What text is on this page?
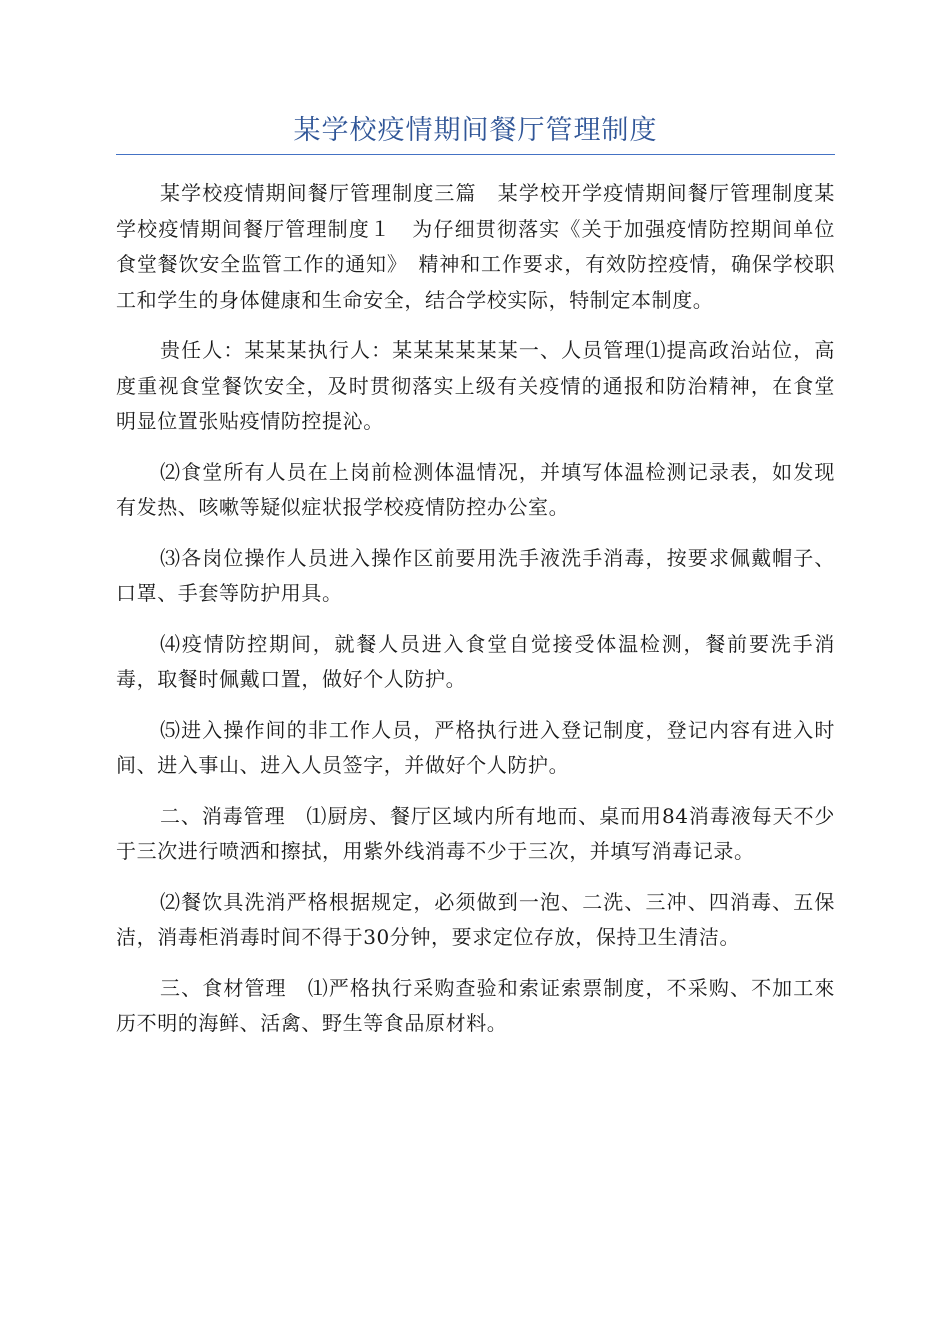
某学校疫情期间餐厅管理制度

某学校疫情期间餐厅管理制度三篇　某学校开学疫情期间餐厅管理制度某学校疫情期间餐厅管理制度１　为仔细贯彻落实《关于加强疫情防控期间单位食堂餐饮安全监管工作的通知》　精神和工作要求，有效防控疫情，确保学校职工和学生的身体健康和生命安全，结合学校实际，特制定本制度。

贵任人：某某某执行人：某某某某某某一、人员管理⑴提高政治站位，高度重视食堂餐饮安全，及时贯彻落实上级有关疫情的通报和防治精神，在食堂明显位置张贴疫情防控提沁。

⑵食堂所有人员在上岗前检测体温情况，并填写体温检测记录表，如发现有发热、咳嗽等疑似症状报学校疫情防控办公室。

⑶各岗位操作人员进入操作区前要用洗手液洗手消毒，按要求佩戴帽子、口罩、手套等防护用具。

⑷疫情防控期间，就餐人员进入食堂自觉接受体温检测，餐前要洗手消毒，取餐时佩戴口置，做好个人防护。

⑸进入操作间的非工作人员，严格执行进入登记制度，登记内容有进入时间、进入事山、进入人员签字，并做好个人防护。

二、消毒管理　⑴厨房、餐厅区域内所有地而、桌而用84消毒液每天不少于三次进行喷洒和擦拭，用紫外线消毒不少于三次，并填写消毒记录。

⑵餐饮具洗消严格根据规定，必须做到一泡、二洗、三冲、四消毒、五保洁，消毒柜消毒时间不得于30分钟，要求定位存放，保持卫生清洁。

三、食材管理　⑴严格执行采购查验和索证索票制度，不采购、不加工來历不明的海鲜、活禽、野生等食品原材料。
